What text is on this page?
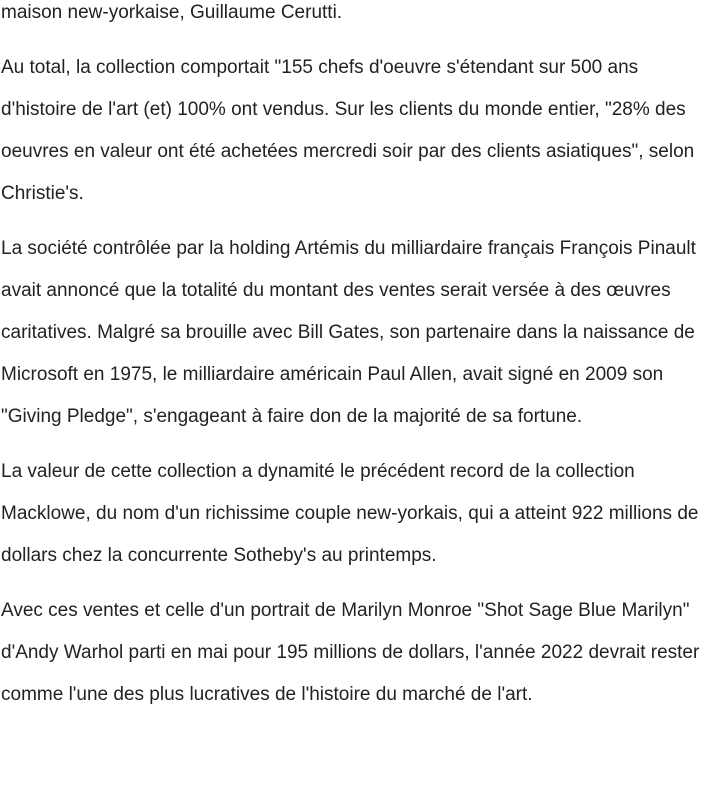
maison new-yorkaise, Guillaume Cerutti.

Au total, la collection comportait "155 chefs d'oeuvre s'étendant sur 500 ans d'histoire de l'art (et) 100% ont vendus. Sur les clients du monde entier, "28% des oeuvres en valeur ont été achetées mercredi soir par des clients asiatiques", selon Christie's.

La société contrôlée par la holding Artémis du milliardaire français François Pinault avait annoncé que la totalité du montant des ventes serait versée à des œuvres caritatives. Malgré sa brouille avec Bill Gates, son partenaire dans la naissance de Microsoft en 1975, le milliardaire américain Paul Allen, avait signé en 2009 son "Giving Pledge", s'engageant à faire don de la majorité de sa fortune.

La valeur de cette collection a dynamité le précédent record de la collection Macklowe, du nom d'un richissime couple new-yorkais, qui a atteint 922 millions de dollars chez la concurrente Sotheby's au printemps.

Avec ces ventes et celle d'un portrait de Marilyn Monroe "Shot Sage Blue Marilyn" d'Andy Warhol parti en mai pour 195 millions de dollars, l'année 2022 devrait rester comme l'une des plus lucratives de l'histoire du marché de l'art.
